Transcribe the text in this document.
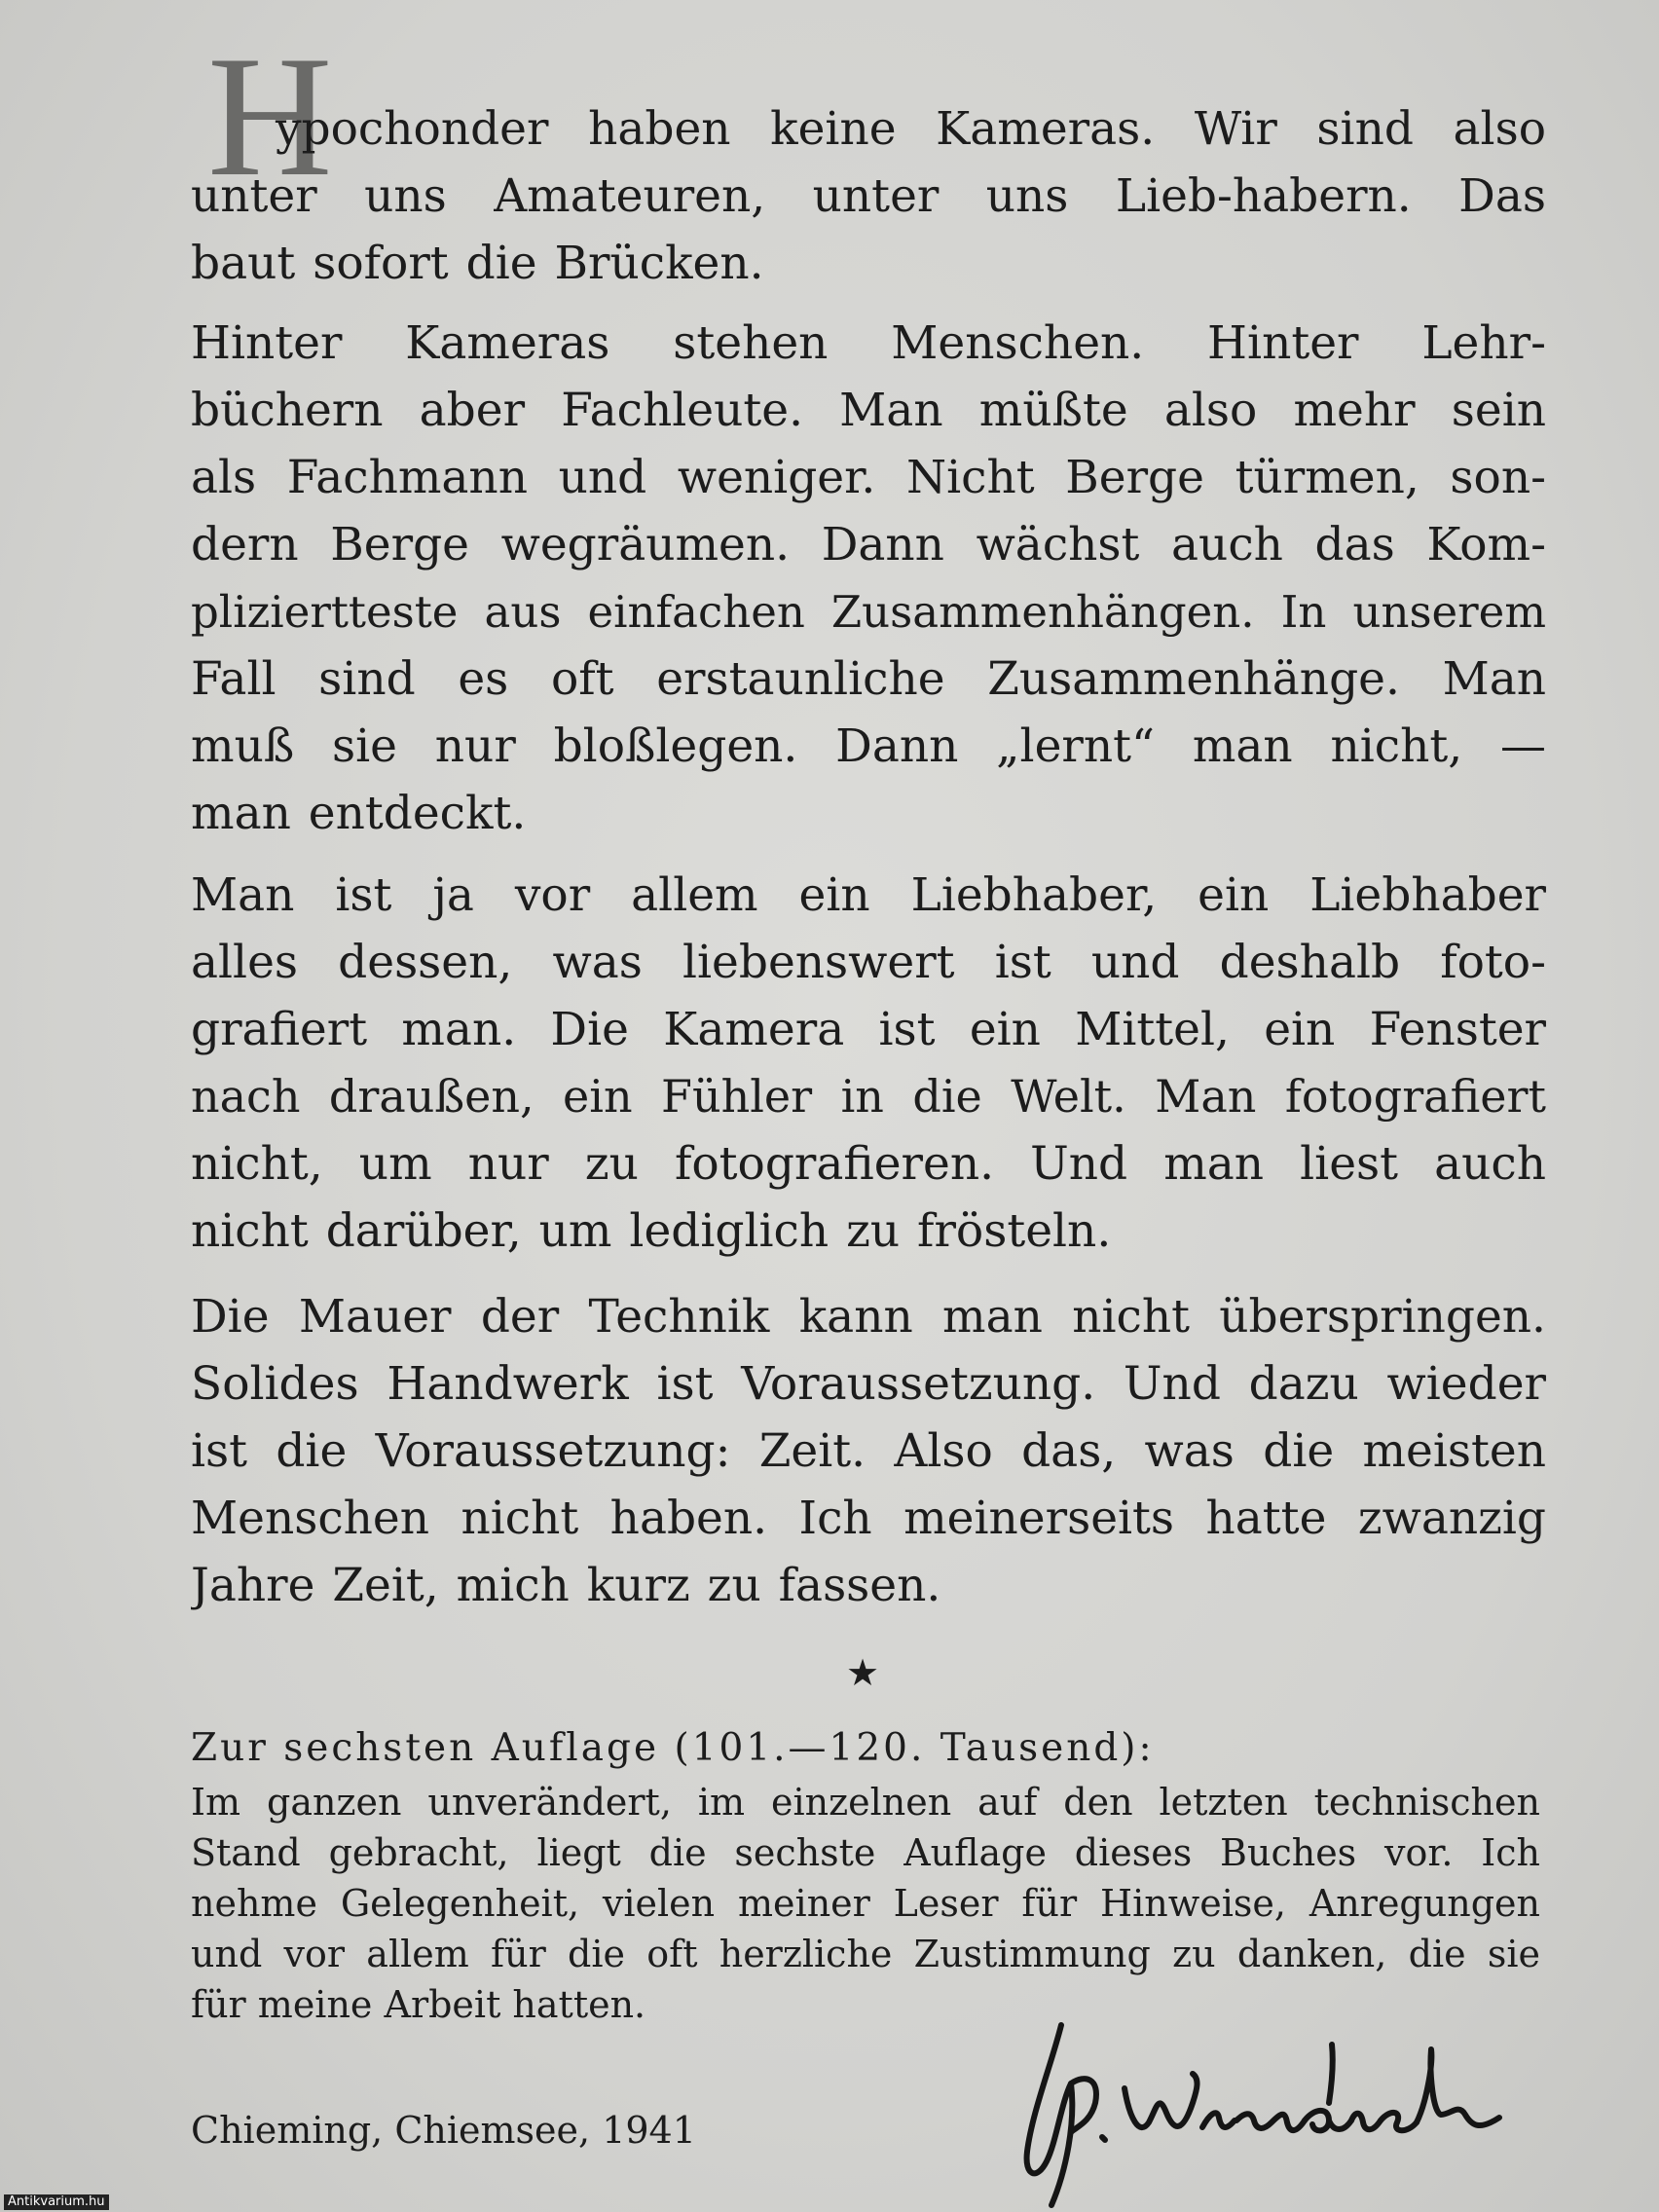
H
ypochonder haben keine Kameras. Wir sind also
unter uns Amateuren, unter uns Lieb-habern. Das
baut sofort die Brücken.
Hinter Kameras stehen Menschen. Hinter Lehr-
büchern aber Fachleute. Man müßte also mehr sein
als Fachmann und weniger. Nicht Berge türmen, son-
dern Berge wegräumen. Dann wächst auch das Kom-
pliziertteste aus einfachen Zusammenhängen. In unserem
Fall sind es oft erstaunliche Zusammenhänge. Man
muß sie nur bloßlegen. Dann „lernt“ man nicht, —
man entdeckt.
Man ist ja vor allem ein Liebhaber, ein Liebhaber
alles dessen, was liebenswert ist und deshalb foto-
grafiert man. Die Kamera ist ein Mittel, ein Fenster
nach draußen, ein Fühler in die Welt. Man fotografiert
nicht, um nur zu fotografieren. Und man liest auch
nicht darüber, um lediglich zu frösteln.
Die Mauer der Technik kann man nicht überspringen.
Solides Handwerk ist Voraussetzung. Und dazu wieder
ist die Voraussetzung: Zeit. Also das, was die meisten
Menschen nicht haben. Ich meinerseits hatte zwanzig
Jahre Zeit, mich kurz zu fassen.
★
Zur sechsten Auflage (101.—120. Tausend):
Im ganzen unverändert, im einzelnen auf den letzten technischen
Stand gebracht, liegt die sechste Auflage dieses Buches vor. Ich
nehme Gelegenheit, vielen meiner Leser für Hinweise, Anregungen
und vor allem für die oft herzliche Zustimmung zu danken, die sie
für meine Arbeit hatten.
Chieming, Chiemsee, 1941
Antikvarium.hu
